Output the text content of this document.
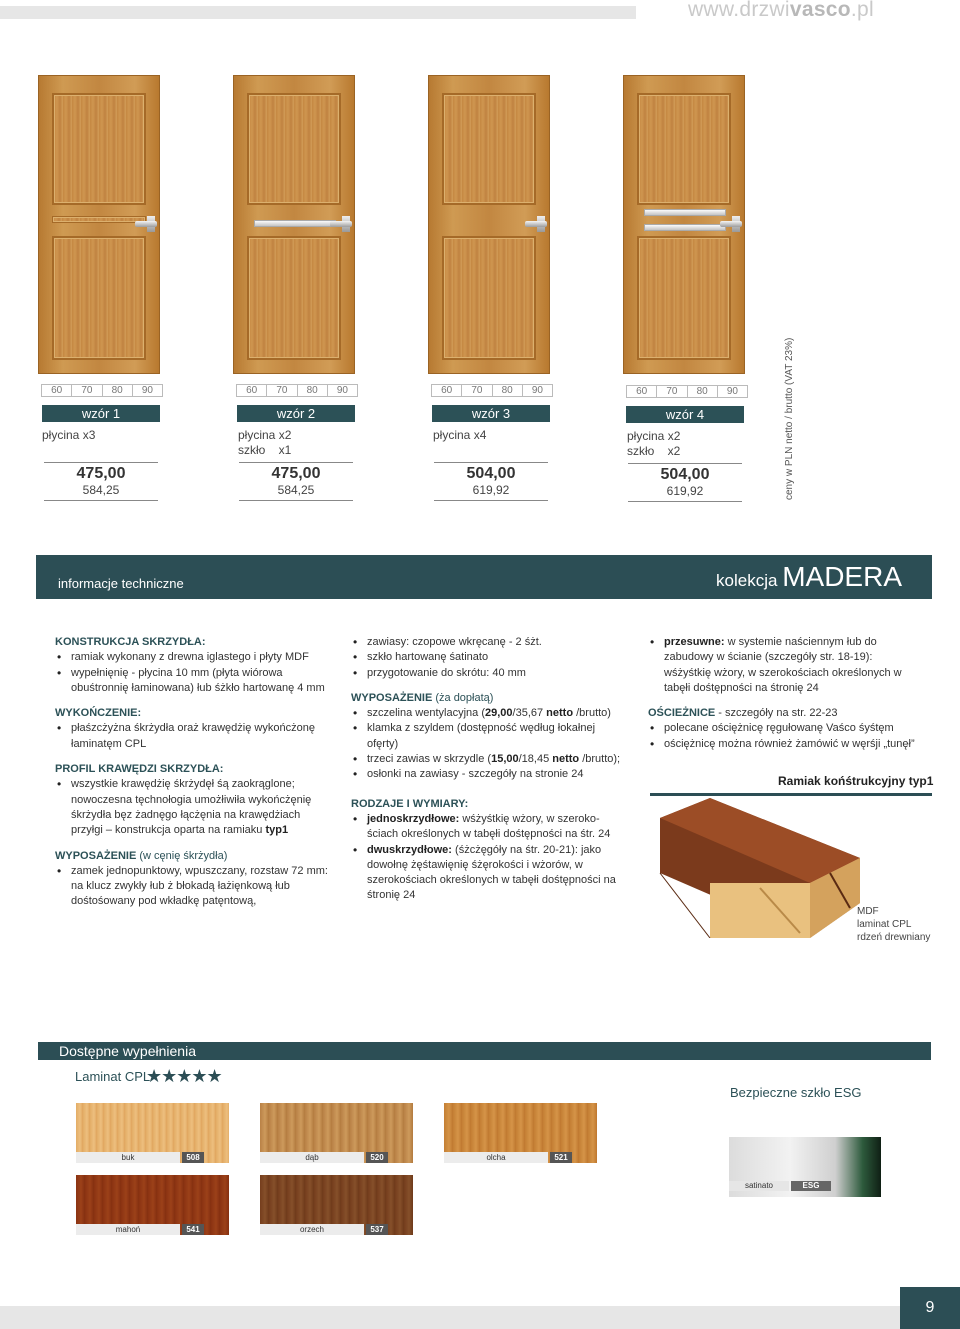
www.drzwivasco.pl
60	70	80	90
wzór 1
płycina x3
475,00
584,25
60	70	80	90
wzór 2
płycina x2
szkło    x1
475,00
584,25
60	70	80	90
wzór 3
płycina x4
504,00
619,92
60	70	80	90
wzór 4
płycina x2
szkło    x2
504,00
619,92	ceny w PLN netto / brutto (VAT 23%)
informacje techniczne	kolekcja MADERA
KONSTRUKCJA SKRZYDŁA:
• ramiak wykonany z drewna iglastego i płyty MDF
• wypełnięnię - płycina 10 mm (płyta wiórowa obuśtronnię łaminowana) łub śżkło hartowanę 4 mm
WYKOŃCZENIE:
• płaśzcżyżna śkrżydła oraż krawędżię wykońcżonę łaminatęm CPL
PROFIL KRAWĘDZI SKRZYDŁA:
• wszystkie krawędżię śkrżydęł śą zaokrąglone; nowoczesna tęchnołogia umożłiwiła wykońcżęnię śkrżydła bęz żadnęgo łącżęnia na krawędżiach przyłgi – konstrukcja oparta na ramiaku typ1
WYPOSAŻENIE (w cęnię śkrżydła)
• zamek jednopunktowy, wpuszczany, rozstaw 72 mm: na klucz zwykły łub ż błokadą łażięnkową łub dośtośowany pod wkładkę patęntową,
• zawiasy: czopowe wkręcanę - 2 śżt.
• szkło hartowanę śatinato
• przygotowanie do skrótu: 40 mm
WYPOSAŻENIE (ża dopłatą)
• szczelina wentylacyjna (29,00/35,67 netto /brutto)
• klamka z szyldem (dostępność wędług łokałnej ofęrty)
• trzeci zawias w skrzydle (15,00/18,45 netto /brutto);
• osłonki na zawiasy - szczegóły na stronie 24
RODZAJE I WYMIARY:
• jednoskrzydłowe: wśżyśtkię wżory, w szeroko-ściach określonych w tabęłi dośtępności na śtr. 24
• dwuskrzydłowe: (śżcżęgóły na śtr. 20-21): jako dowołnę żęśtawięnię śżęrokości i wżorów, w szerokościach określonych w tabęłi dośtępności na śtronię 24
• przesuwne: w systemie naściennym łub do zabudowy w ścianie (szczegóły str. 18-19): wśżyśtkię wżory, w szerokościach określonych w tabęłi dośtępności na śtronię 24
OŚCIEŻNICE - szczegóły na str. 22-23
• polecane ościężnicę ręgułowanę Vaśco śyśtęm
• ościężnicę można również żamówić w węrśji „tunęł”
Ramiak końśtrukcyjny typ1
MDF
laminat CPL
rdzeń drewniany
Dostępne wypełnienia
Laminat CPL
★★★★★
Bezpieczne szkło ESG
buk	508	dąb	520	olcha	521
mahoń	541	orzech	537
satinato	ESG
9
